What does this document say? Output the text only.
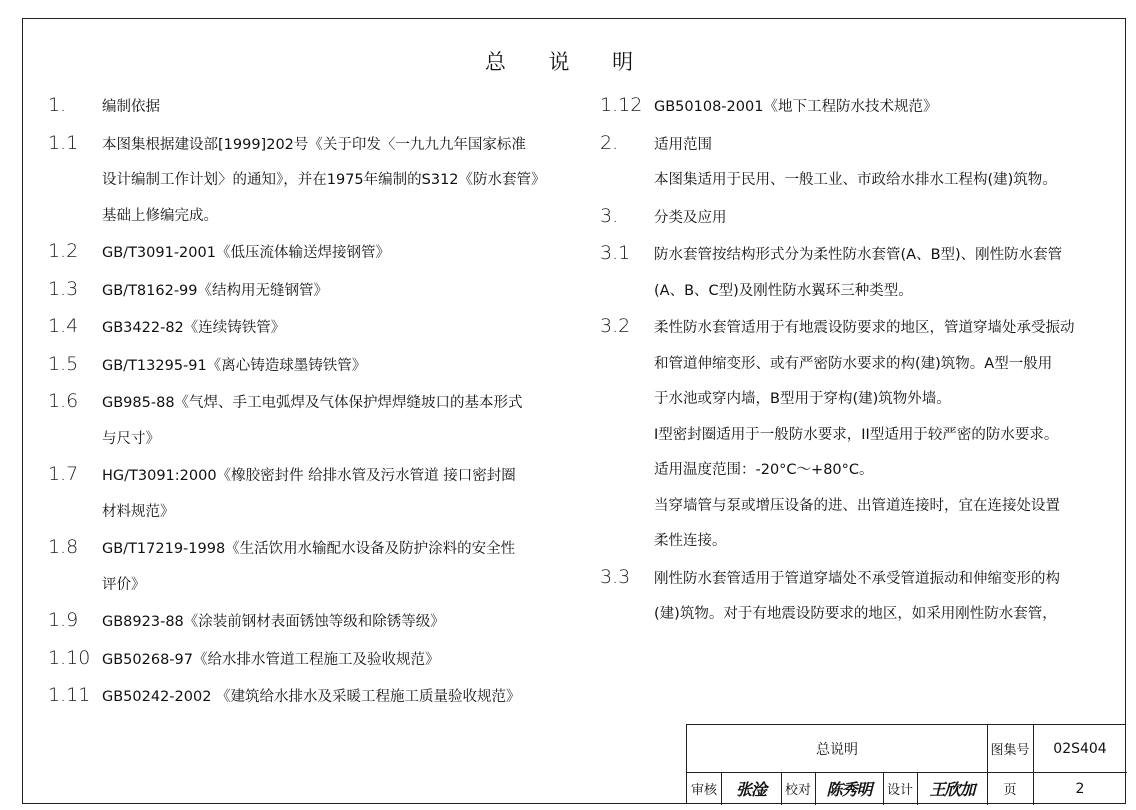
总 说 明
1.	编制依据
1.1	本图集根据建设部[1999]202号《关于印发〈一九九九年国家标准
设计编制工作计划〉的通知》，并在1975年编制的S312《防水套管》
基础上修编完成。
1.2	GB/T3091-2001《低压流体输送焊接钢管》
1.3	GB/T8162-99《结构用无缝钢管》
1.4	GB3422-82《连续铸铁管》
1.5	GB/T13295-91《离心铸造球墨铸铁管》
1.6	GB985-88《气焊、手工电弧焊及气体保护焊焊缝坡口的基本形式
与尺寸》
1.7	HG/T3091:2000《橡胶密封件 给排水管及污水管道 接口密封圈
材料规范》
1.8	GB/T17219-1998《生活饮用水输配水设备及防护涂料的安全性
评价》
1.9	GB8923-88《涂装前钢材表面锈蚀等级和除锈等级》
1.10 GB50268-97《给水排水管道工程施工及验收规范》
1.11 GB50242-2002 《建筑给水排水及采暖工程施工质量验收规范》
1.12 GB50108-2001《地下工程防水技术规范》
2.	适用范围
本图集适用于民用、一般工业、市政给水排水工程构(建)筑物。
3.	分类及应用
3.1	防水套管按结构形式分为柔性防水套管(A、B型)、刚性防水套管
(A、B、C型)及刚性防水翼环三种类型。
3.2	柔性防水套管适用于有地震设防要求的地区，管道穿墙处承受振动
和管道伸缩变形、或有严密防水要求的构(建)筑物。A型一般用
于水池或穿内墙，B型用于穿构(建)筑物外墙。
I型密封圈适用于一般防水要求，II型适用于较严密的防水要求。
适用温度范围：-20°C～+80°C。
当穿墙管与泵或增压设备的进、出管道连接时，宜在连接处设置
柔性连接。
3.3	刚性防水套管适用于管道穿墙处不承受管道振动和伸缩变形的构
(建)筑物。对于有地震设防要求的地区，如采用刚性防水套管，
总说明	图集号	02S404
审核	张淦	校对 陈秀明	设计	王欣加	页	2
